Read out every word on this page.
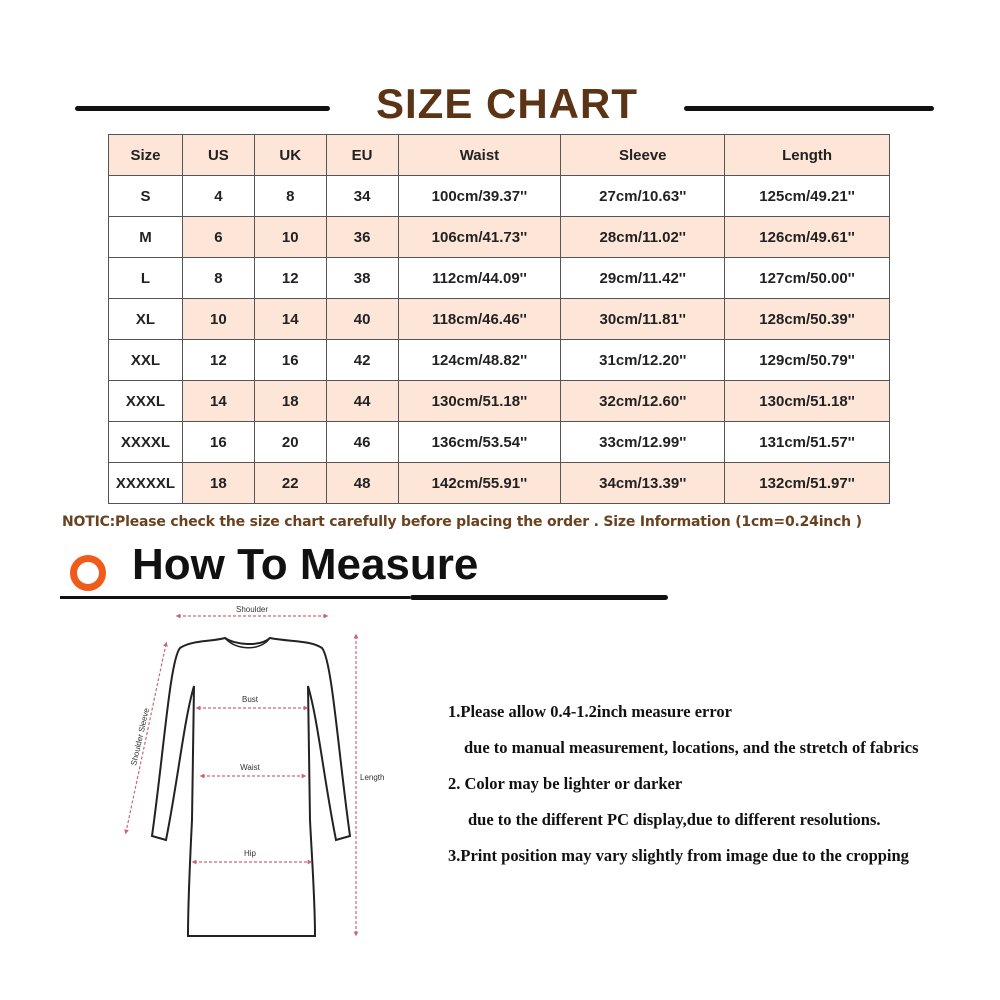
SIZE CHART
Size	US	UK	EU	Waist	Sleeve	Length
S	4	8	34	100cm/39.37''	27cm/10.63''	125cm/49.21''
M	6	10	36	106cm/41.73''	28cm/11.02''	126cm/49.61''
L	8	12	38	112cm/44.09''	29cm/11.42''	127cm/50.00''
XL	10	14	40	118cm/46.46''	30cm/11.81''	128cm/50.39''
XXL	12	16	42	124cm/48.82''	31cm/12.20''	129cm/50.79''
XXXL	14	18	44	130cm/51.18''	32cm/12.60''	130cm/51.18''
XXXXL	16	20	46	136cm/53.54''	33cm/12.99''	131cm/51.57''
XXXXXL	18	22	48	142cm/55.91''	34cm/13.39''	132cm/51.97''
NOTIC:Please check the size chart carefully before placing the order . Size Information (1cm=0.24inch )
How To Measure
Shoulder
Bust
Waist
Hip
Length
Shoulder Sleeve	1.Please allow 0.4-1.2inch measure error

due to manual measurement, locations, and the stretch of fabrics

2. Color may be lighter or darker

due to the different PC display,due to different resolutions.

3.Print position may vary slightly from image due to the cropping
